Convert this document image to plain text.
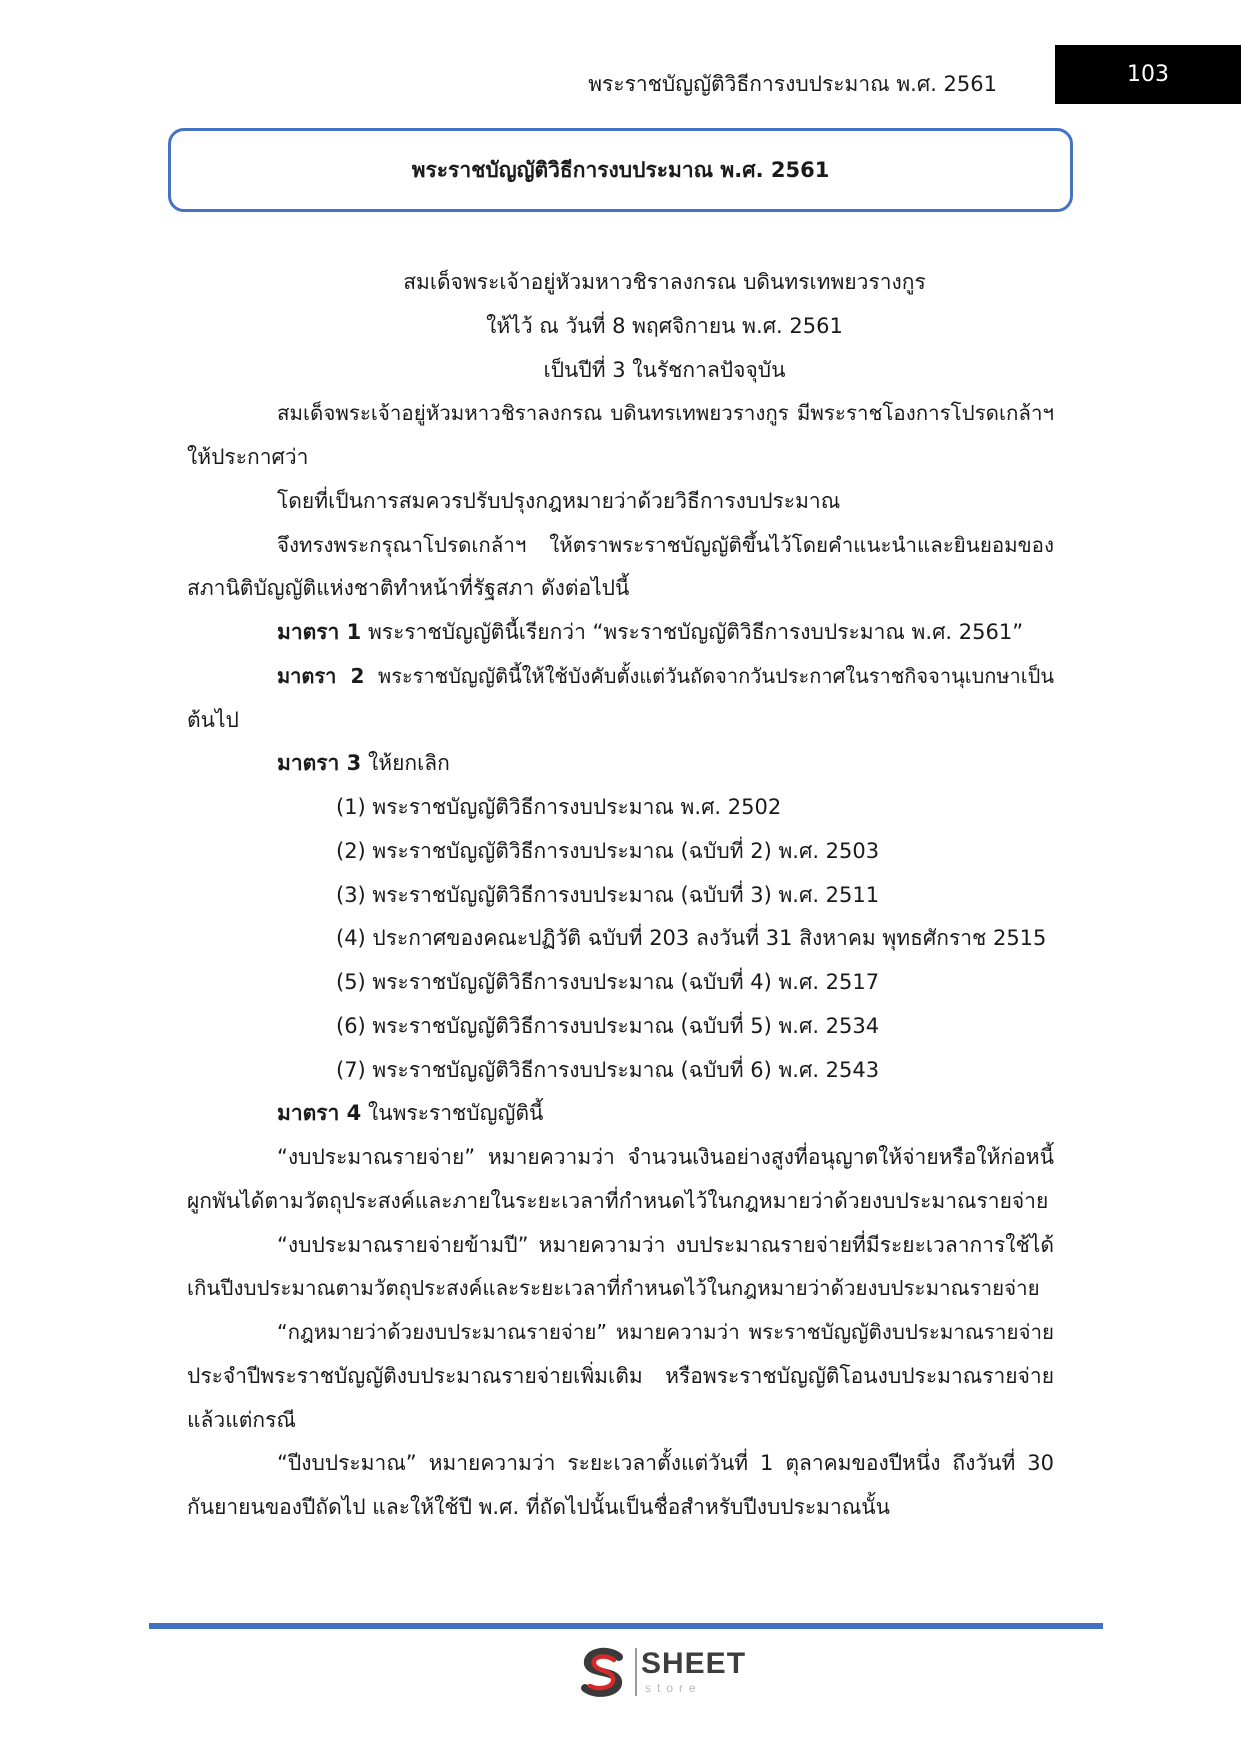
พระราชบัญญัติวิธีการงบประมาณ พ.ศ. 2561	103
พระราชบัญญัติวิธีการงบประมาณ พ.ศ. 2561
สมเด็จพระเจ้าอยู่หัวมหาวชิราลงกรณ บดินทรเทพยวรางกูร
ให้ไว้ ณ วันที่ 8 พฤศจิกายน พ.ศ. 2561
เป็นปีที่ 3 ในรัชกาลปัจจุบัน
สมเด็จพระเจ้าอยู่หัวมหาวชิราลงกรณ บดินทรเทพยวรางกูร มีพระราชโองการโปรดเกล้าฯ
ให้ประกาศว่า
โดยที่เป็นการสมควรปรับปรุงกฎหมายว่าด้วยวิธีการงบประมาณ
จึงทรงพระกรุณาโปรดเกล้าฯ ให้ตราพระราชบัญญัติขึ้นไว้โดยคำแนะนำและยินยอมของ
สภานิติบัญญัติแห่งชาติทำหน้าที่รัฐสภา ดังต่อไปนี้
มาตรา 1 พระราชบัญญัตินี้เรียกว่า “พระราชบัญญัติวิธีการงบประมาณ พ.ศ. 2561”
มาตรา 2 พระราชบัญญัตินี้ให้ใช้บังคับตั้งแต่วันถัดจากวันประกาศในราชกิจจานุเบกษาเป็น
ต้นไป
มาตรา 3 ให้ยกเลิก
(1) พระราชบัญญัติวิธีการงบประมาณ พ.ศ. 2502
(2) พระราชบัญญัติวิธีการงบประมาณ (ฉบับที่ 2) พ.ศ. 2503
(3) พระราชบัญญัติวิธีการงบประมาณ (ฉบับที่ 3) พ.ศ. 2511
(4) ประกาศของคณะปฏิวัติ ฉบับที่ 203 ลงวันที่ 31 สิงหาคม พุทธศักราช 2515
(5) พระราชบัญญัติวิธีการงบประมาณ (ฉบับที่ 4) พ.ศ. 2517
(6) พระราชบัญญัติวิธีการงบประมาณ (ฉบับที่ 5) พ.ศ. 2534
(7) พระราชบัญญัติวิธีการงบประมาณ (ฉบับที่ 6) พ.ศ. 2543
มาตรา 4 ในพระราชบัญญัตินี้
“งบประมาณรายจ่าย” หมายความว่า จำนวนเงินอย่างสูงที่อนุญาตให้จ่ายหรือให้ก่อหนี้
ผูกพันได้ตามวัตถุประสงค์และภายในระยะเวลาที่กำหนดไว้ในกฎหมายว่าด้วยงบประมาณรายจ่าย
“งบประมาณรายจ่ายข้ามปี” หมายความว่า งบประมาณรายจ่ายที่มีระยะเวลาการใช้ได้
เกินปีงบประมาณตามวัตถุประสงค์และระยะเวลาที่กำหนดไว้ในกฎหมายว่าด้วยงบประมาณรายจ่าย
“กฎหมายว่าด้วยงบประมาณรายจ่าย” หมายความว่า พระราชบัญญัติงบประมาณรายจ่าย
ประจำปีพระราชบัญญัติงบประมาณรายจ่ายเพิ่มเติม หรือพระราชบัญญัติโอนงบประมาณรายจ่าย
แล้วแต่กรณี
“ปีงบประมาณ” หมายความว่า ระยะเวลาตั้งแต่วันที่ 1 ตุลาคมของปีหนึ่ง ถึงวันที่ 30
กันยายนของปีถัดไป และให้ใช้ปี พ.ศ. ที่ถัดไปนั้นเป็นชื่อสำหรับปีงบประมาณนั้น
SHEET
store
